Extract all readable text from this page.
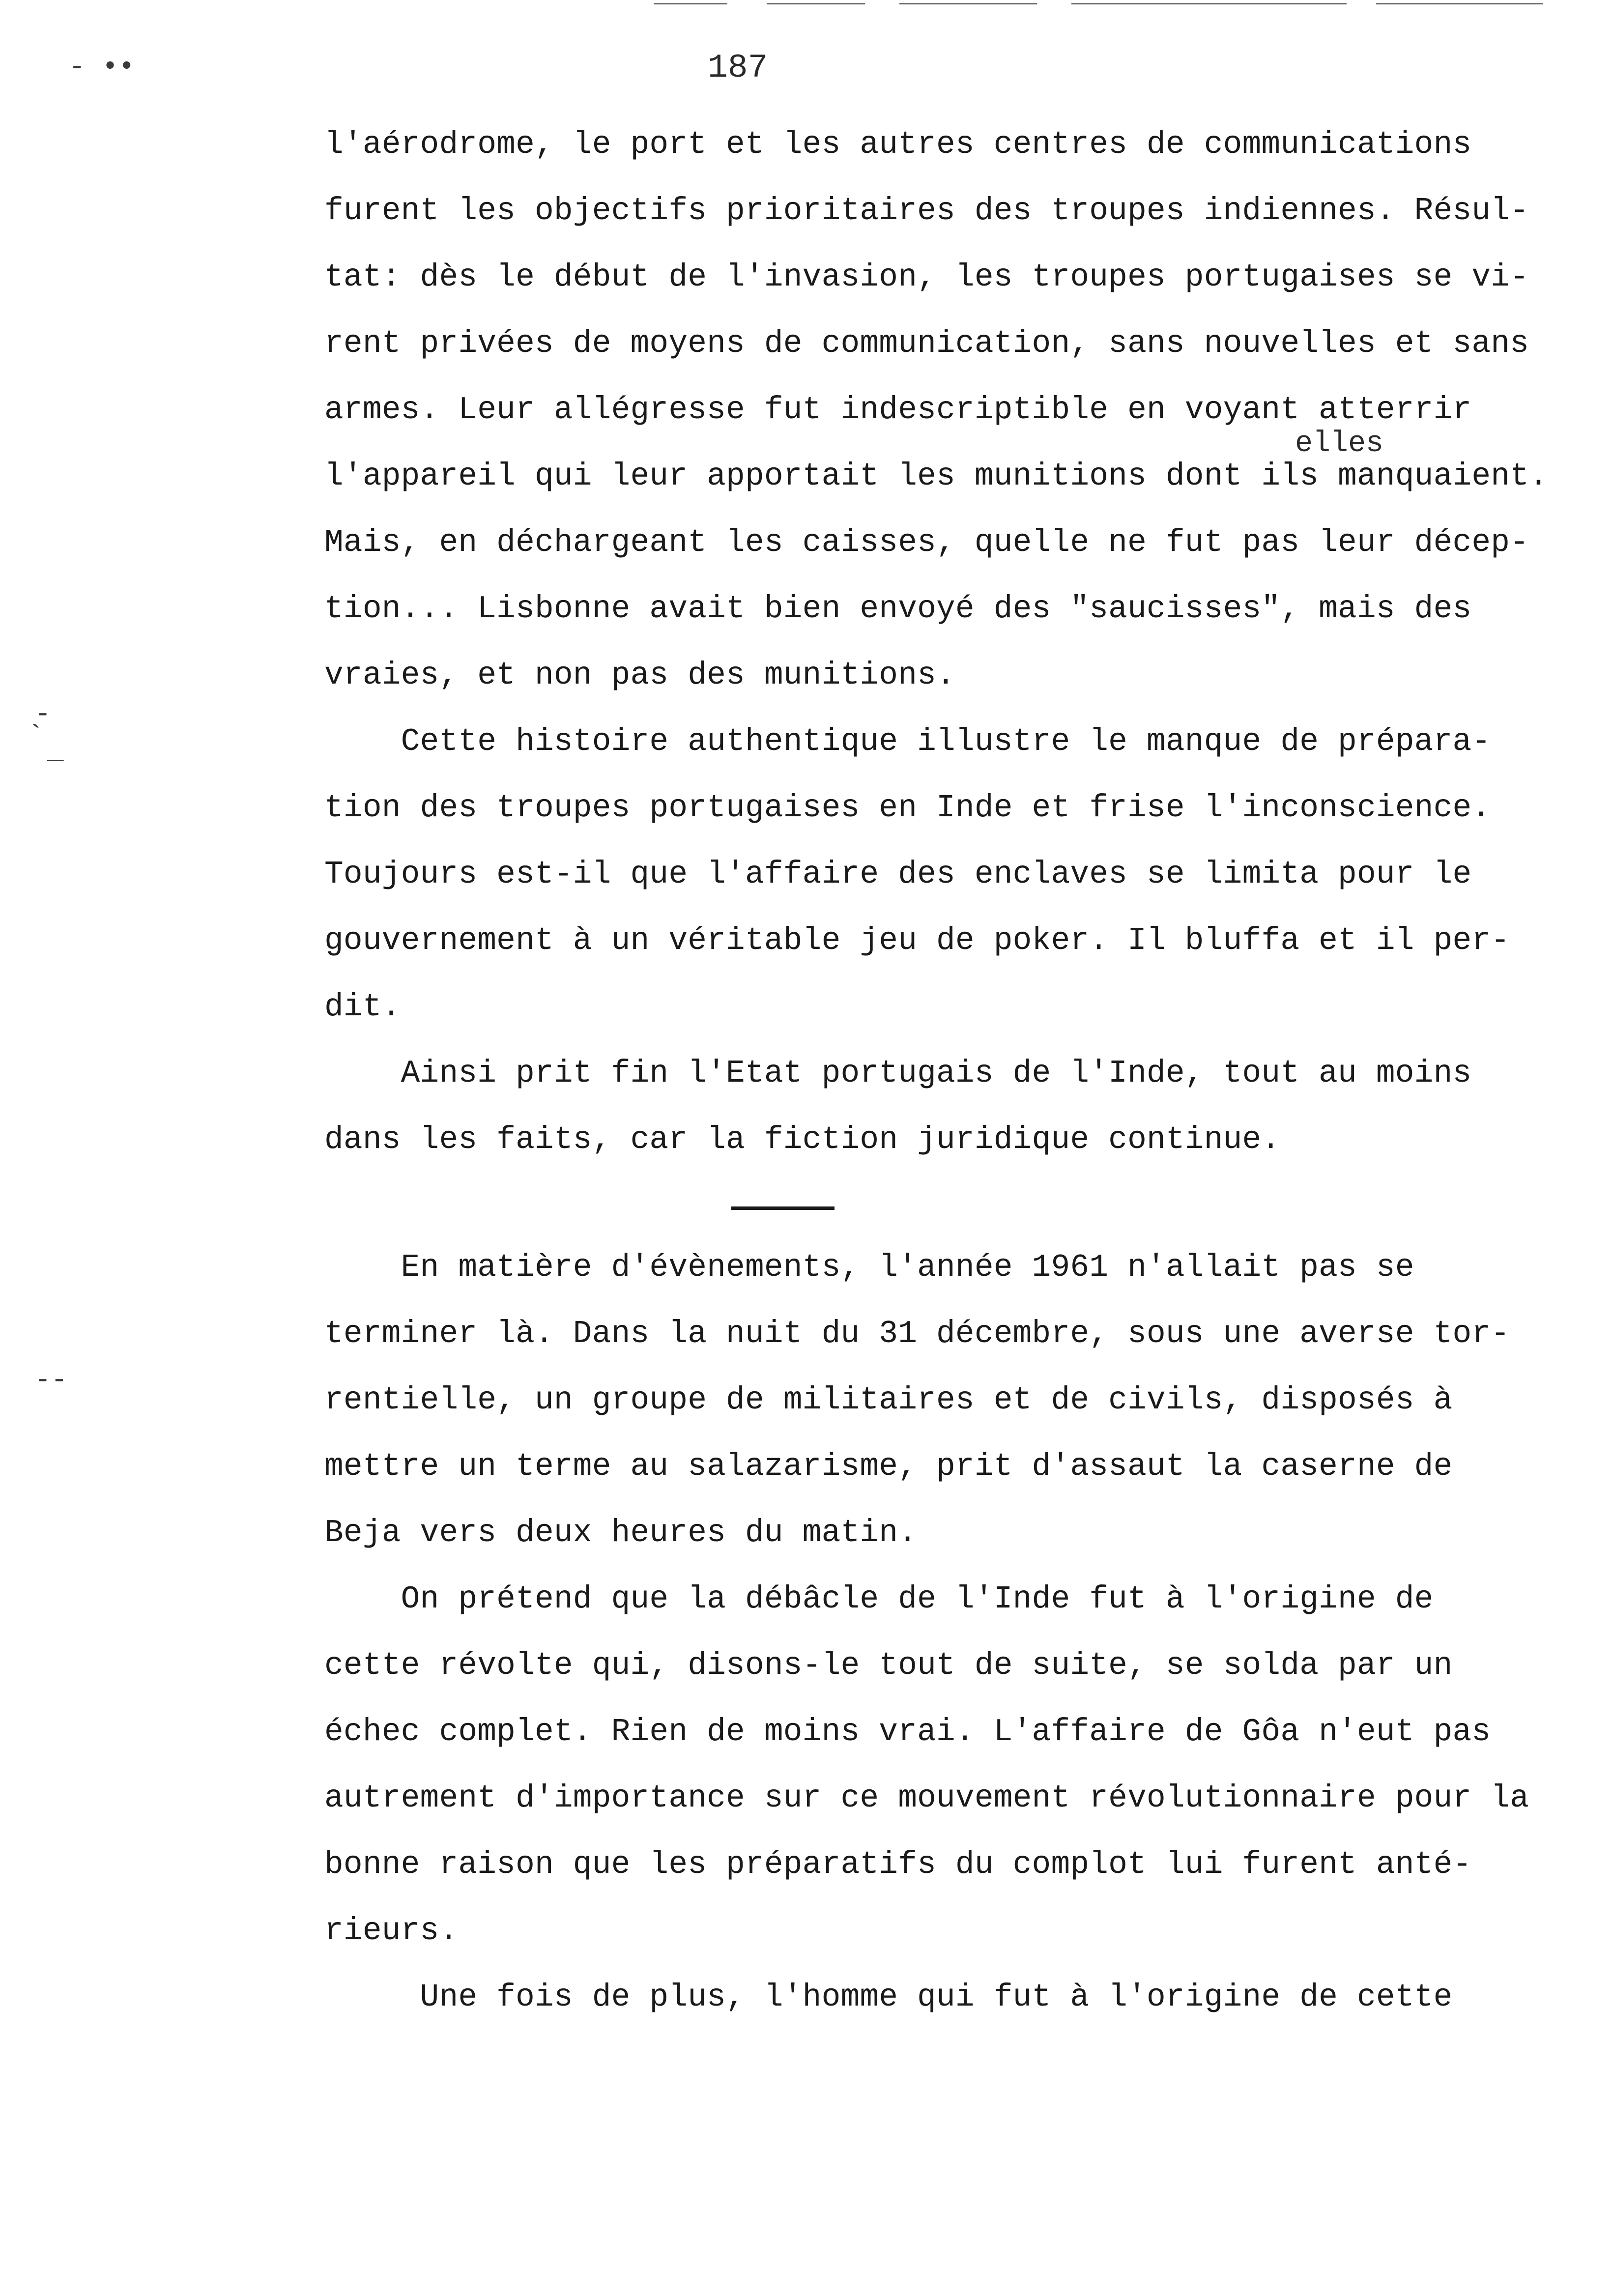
187
- ••
‐
` _
‐‐
l'aérodrome, le port et les autres centres de communications
furent les objectifs prioritaires des troupes indiennes. Résul-
tat: dès le début de l'invasion, les troupes portugaises se vi-
rent privées de moyens de communication, sans nouvelles et sans
armes. Leur allégresse fut indescriptible en voyant atterrir
elles
l'appareil qui leur apportait les munitions dont ils manquaient.
Mais, en déchargeant les caisses, quelle ne fut pas leur décep-
tion... Lisbonne avait bien envoyé des "saucisses", mais des
vraies, et non pas des munitions.
Cette histoire authentique illustre le manque de prépara-
tion des troupes portugaises en Inde et frise l'inconscience.
Toujours est-il que l'affaire des enclaves se limita pour le
gouvernement à un véritable jeu de poker. Il bluffa et il per-
dit.
Ainsi prit fin l'Etat portugais de l'Inde, tout au moins
dans les faits, car la fiction juridique continue.
En matière d'évènements, l'année 1961 n'allait pas se
terminer là. Dans la nuit du 31 décembre, sous une averse tor-
rentielle, un groupe de militaires et de civils, disposés à
mettre un terme au salazarisme, prit d'assaut la caserne de
Beja vers deux heures du matin.
On prétend que la débâcle de l'Inde fut à l'origine de
cette révolte qui, disons-le tout de suite, se solda par un
échec complet. Rien de moins vrai. L'affaire de Gôa n'eut pas
autrement d'importance sur ce mouvement révolutionnaire pour la
bonne raison que les préparatifs du complot lui furent anté-
rieurs.
Une fois de plus, l'homme qui fut à l'origine de cette
